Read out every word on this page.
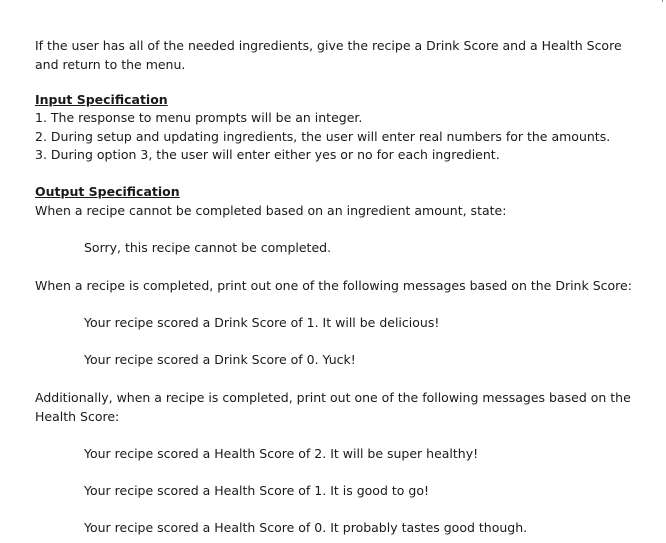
If the user has all of the needed ingredients, give the recipe a Drink Score and a Health Score and return to the menu.

Input Specification

1. The response to menu prompts will be an integer.

2. During setup and updating ingredients, the user will enter real numbers for the amounts.

3. During option 3, the user will enter either yes or no for each ingredient.

Output Specification

When a recipe cannot be completed based on an ingredient amount, state:

Sorry, this recipe cannot be completed.

When a recipe is completed, print out one of the following messages based on the Drink Score:

Your recipe scored a Drink Score of 1. It will be delicious!

Your recipe scored a Drink Score of 0. Yuck!

Additionally, when a recipe is completed, print out one of the following messages based on the Health Score:

Your recipe scored a Health Score of 2. It will be super healthy!

Your recipe scored a Health Score of 1. It is good to go!

Your recipe scored a Health Score of 0. It probably tastes good though.
